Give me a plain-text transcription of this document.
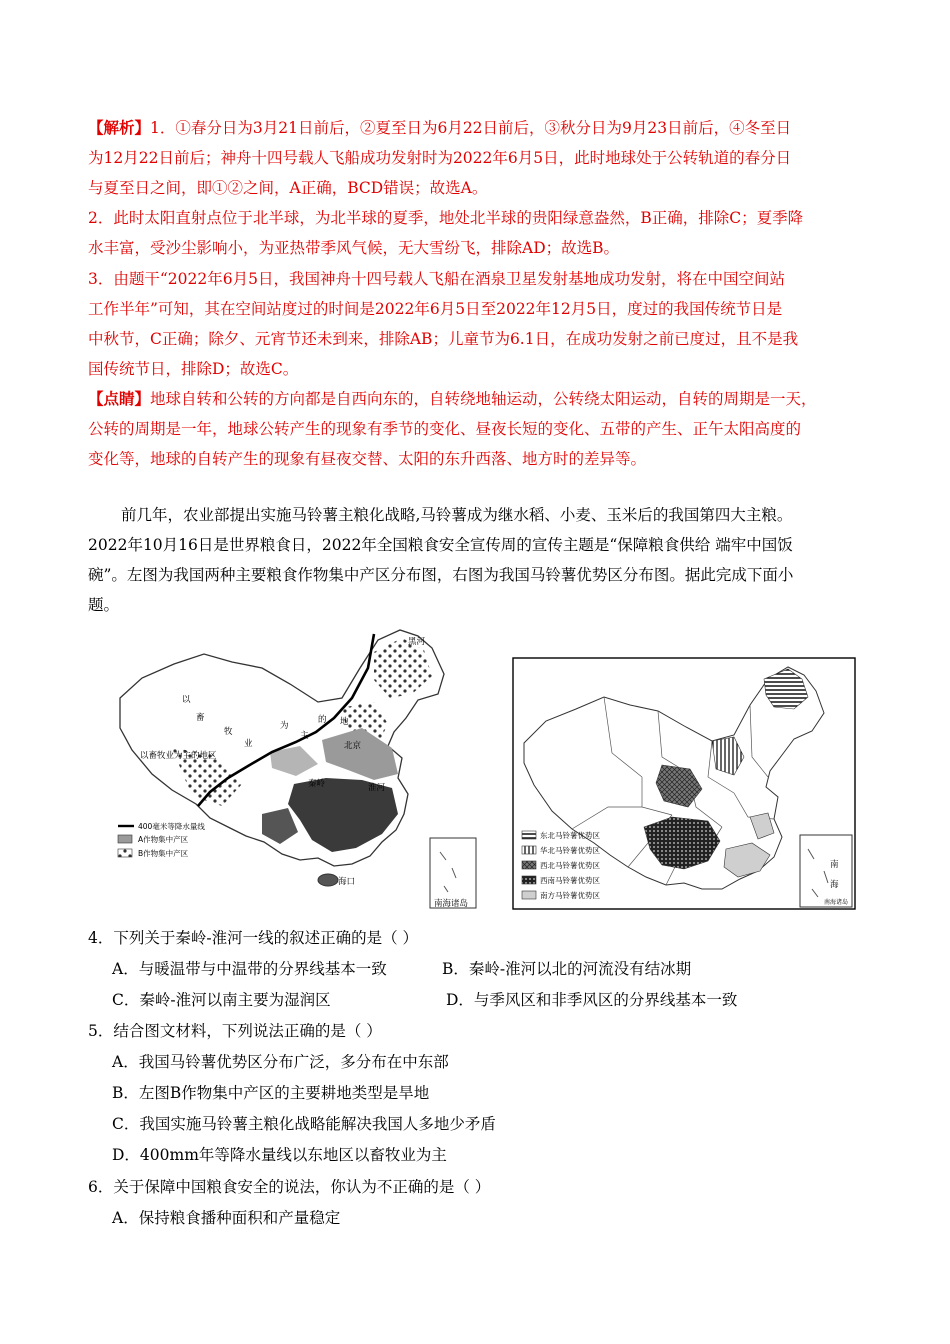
【解析】1．①春分日为3月21日前后，②夏至日为6月22日前后，③秋分日为9月23日前后，④冬至日
为12月22日前后；神舟十四号载人飞船成功发射时为2022年6月5日，此时地球处于公转轨道的春分日
与夏至日之间，即①②之间，A正确，BCD错误；故选A。
2．此时太阳直射点位于北半球，为北半球的夏季，地处北半球的贵阳绿意盎然，B正确，排除C；夏季降
水丰富，受沙尘影响小，为亚热带季风气候，无大雪纷飞，排除AD；故选B。
3．由题干“2022年6月5日，我国神舟十四号载人飞船在酒泉卫星发射基地成功发射，将在中国空间站
工作半年”可知，其在空间站度过的时间是2022年6月5日至2022年12月5日，度过的我国传统节日是
中秋节，C正确；除夕、元宵节还未到来，排除AB；儿童节为6.1日，在成功发射之前已度过，且不是我
国传统节日，排除D；故选C。
【点睛】地球自转和公转的方向都是自西向东的，自转绕地轴运动，公转绕太阳运动，自转的周期是一天，
公转的周期是一年，地球公转产生的现象有季节的变化、昼夜长短的变化、五带的产生、正午太阳高度的
变化等，地球的自转产生的现象有昼夜交替、太阳的东升西落、地方时的差异等。
前几年，农业部提出实施马铃薯主粮化战略,马铃薯成为继水稻、小麦、玉米后的我国第四大主粮。
2022年10月16日是世界粮食日，2022年全国粮食安全宣传周的宣传主题是“保障粮食供给 端牢中国饭
碗”。左图为我国两种主要粮食作物集中产区分布图，右图为我国马铃薯优势区分布图。据此完成下面小
题。
黑河
以
畜
牧
业
为
主
的 地
北京
以畜牧业为主的地区
秦岭	淮河
海口
南海诸岛
400毫米等降水量线
A作物集中产区
B作物集中产区
南
海
南海诸岛
东北马铃薯优势区
华北马铃薯优势区
西北马铃薯优势区
西南马铃薯优势区
南方马铃薯优势区
4．下列关于秦岭-淮河一线的叙述正确的是（ ）
A．与暖温带与中温带的分界线基本一致	B．秦岭-淮河以北的河流没有结冰期
C．秦岭-淮河以南主要为湿润区	D．与季风区和非季风区的分界线基本一致
5．结合图文材料，下列说法正确的是（ ）
A．我国马铃薯优势区分布广泛，多分布在中东部
B．左图B作物集中产区的主要耕地类型是旱地
C．我国实施马铃薯主粮化战略能解决我国人多地少矛盾
D．400mm年等降水量线以东地区以畜牧业为主
6．关于保障中国粮食安全的说法，你认为不正确的是（ ）
A．保持粮食播种面积和产量稳定
